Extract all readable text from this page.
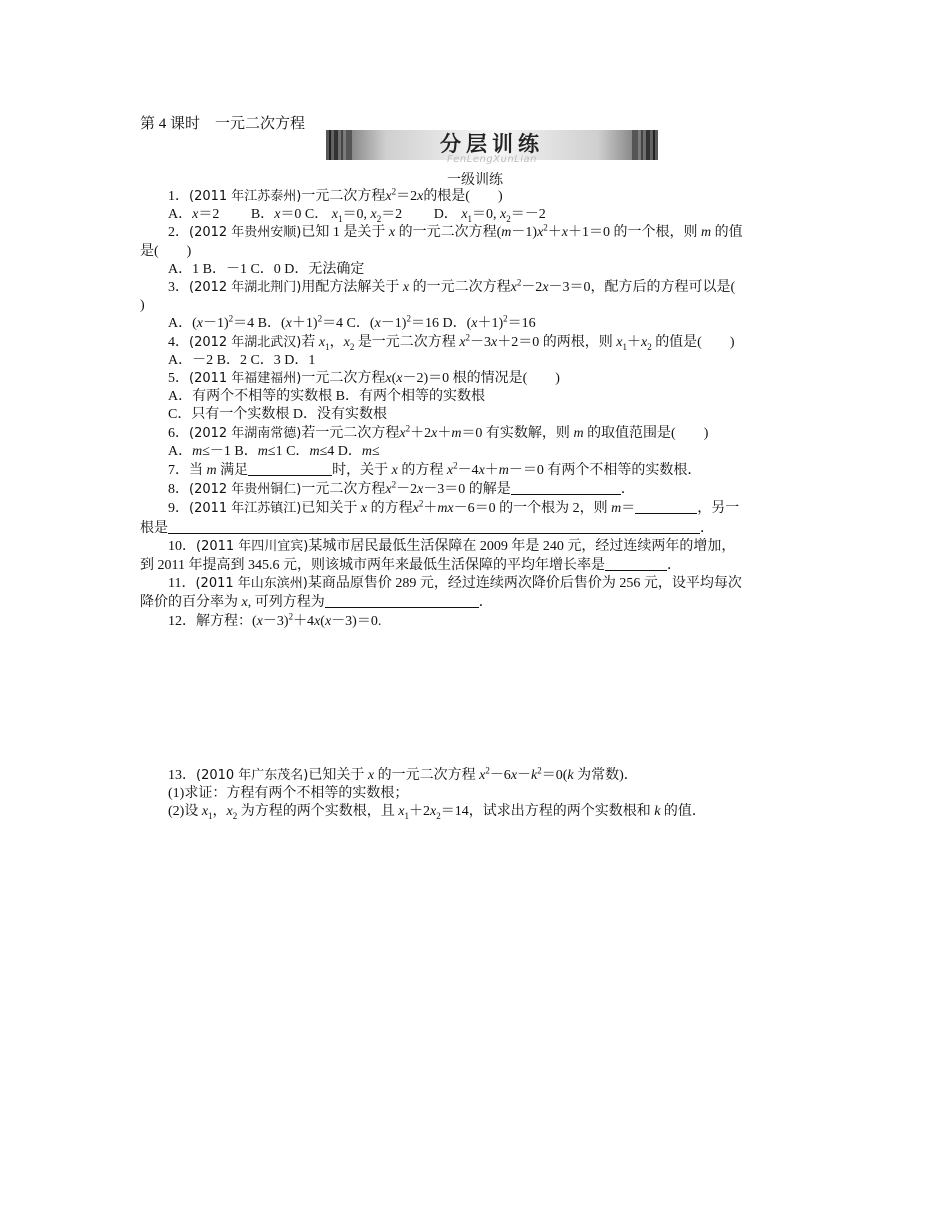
第 4 课时　一元二次方程
分层训练
FenLengXunLian
一级训练

1．(2011 年江苏泰州)一元二次方程$x^2=2x$的根是(　　)

A．x＝2　　 B．x＝0 C． $x_1=0$, $x_2=2$　　 D． $x_1=0$, $x_2=-2$

2．(2012 年贵州安顺)已知 1 是关于 x 的一元二次方程$(m-1)x^2+x+1=0$ 的一个根，则 m 的值

是(　　)

A．1 B．－1 C．0 D．无法确定

3．(2012 年湖北荆门)用配方法解关于 x 的一元二次方程$x^2-2x-3=0$，配方后的方程可以是(

)

A．$(x-1)^2=4$ B．$(x+1)^2=4$ C．$(x-1)^2=16$ D．$(x+1)^2=16$

4．(2012 年湖北武汉)若 $x_1$，$x_2$ 是一元二次方程 $x^2-3x+2=0$ 的两根，则 $x_1+x_2$ 的值是(　　)

A．－2 B．2 C．3 D．1

5．(2011 年福建福州)一元二次方程x(x－2)＝0 根的情况是(　　)

A．有两个不相等的实数根 B．有两个相等的实数根

C．只有一个实数根 D．没有实数根

6．(2012 年湖南常德)若一元二次方程$x^2+2x+m=0$ 有实数解，则 m 的取值范围是(　　)

A．m≤－1 B．m≤1 C．m≤4 D．m≤

7．当 m 满足	时，关于 x 的方程 $x^2-4x+m-=0$ 有两个不相等的实数根．

8．(2012 年贵州铜仁)一元二次方程$x^2-2x-3=0$ 的解是	．

9．(2011 年江苏镇江)已知关于 x 的方程$x^2+mx-6=0$ 的一个根为 2，则 m＝	，另一

根是	．

10．(2011 年四川宜宾)某城市居民最低生活保障在 2009 年是 240 元，经过连续两年的增加，

到 2011 年提高到 345.6 元，则该城市两年来最低生活保障的平均年增长率是	．

11．(2011 年山东滨州)某商品原售价 289 元，经过连续两次降价后售价为 256 元，设平均每次

降价的百分率为 x, 可列方程为	．

12．解方程：$(x-3)^2+4x(x-3)=0$.

13．(2010 年广东茂名)已知关于 x 的一元二次方程 $x^2-6x-k^2=0(k$ 为常数)．

(1)求证：方程有两个不相等的实数根；

(2)设 $x_1$，$x_2$ 为方程的两个实数根，且 $x_1+2x_2=14$，试求出方程的两个实数根和 k 的值．
